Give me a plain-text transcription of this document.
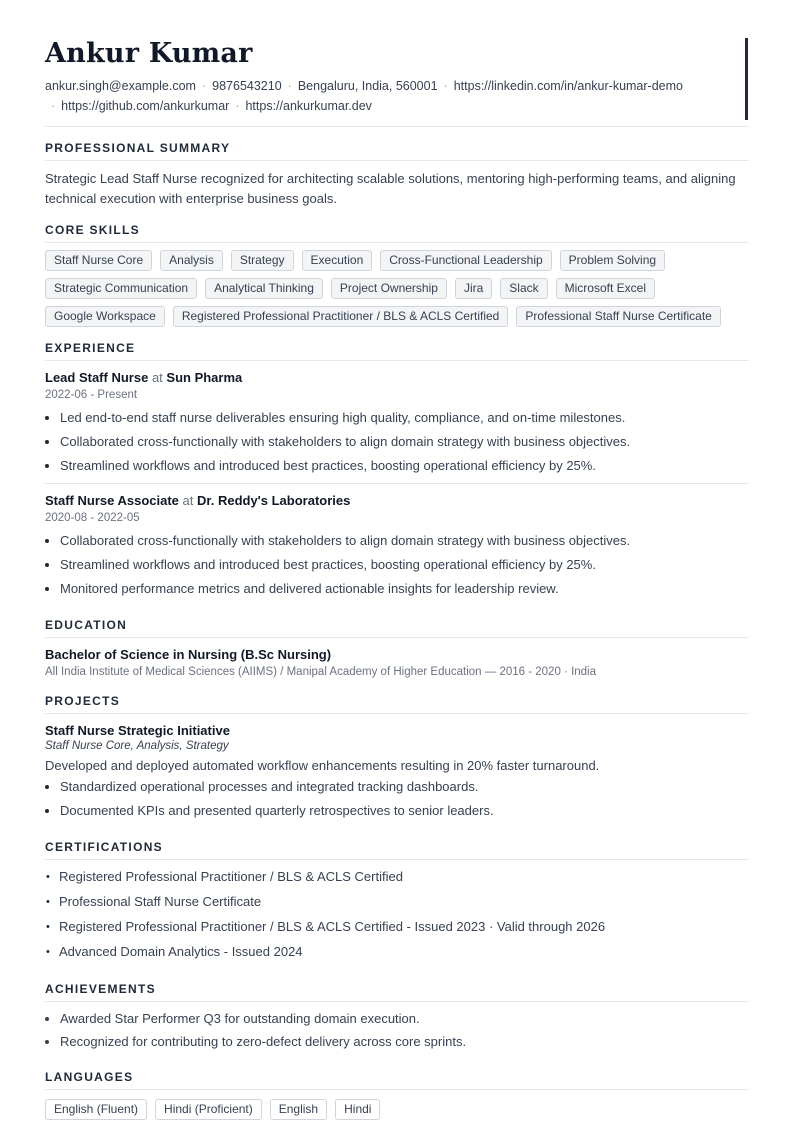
Ankur Kumar
ankur.singh@example.com · 9876543210 · Bengaluru, India, 560001 · https://linkedin.com/in/ankur-kumar-demo
· https://github.com/ankurkumar · https://ankurkumar.dev
PROFESSIONAL SUMMARY

Strategic Lead Staff Nurse recognized for architecting scalable solutions, mentoring high-performing teams, and aligning technical execution with enterprise business goals.

CORE SKILLS
Staff Nurse Core	Analysis	Strategy	Execution	Cross-Functional Leadership	Problem Solving
Strategic Communication	Analytical Thinking	Project Ownership	Jira	Slack	Microsoft Excel
Google Workspace	Registered Professional Practitioner / BLS & ACLS Certified	Professional Staff Nurse Certificate
EXPERIENCE
Lead Staff Nurse at Sun Pharma
2022-06 - Present
• Led end-to-end staff nurse deliverables ensuring high quality, compliance, and on-time milestones.
• Collaborated cross-functionally with stakeholders to align domain strategy with business objectives.
• Streamlined workflows and introduced best practices, boosting operational efficiency by 25%.
Staff Nurse Associate at Dr. Reddy's Laboratories
2020-08 - 2022-05
• Collaborated cross-functionally with stakeholders to align domain strategy with business objectives.
• Streamlined workflows and introduced best practices, boosting operational efficiency by 25%.
• Monitored performance metrics and delivered actionable insights for leadership review.
EDUCATION
Bachelor of Science in Nursing (B.Sc Nursing)
All India Institute of Medical Sciences (AIIMS) / Manipal Academy of Higher Education — 2016 - 2020 · India
PROJECTS
Staff Nurse Strategic Initiative
Staff Nurse Core, Analysis, Strategy
Developed and deployed automated workflow enhancements resulting in 20% faster turnaround.
• Standardized operational processes and integrated tracking dashboards.
• Documented KPIs and presented quarterly retrospectives to senior leaders.
CERTIFICATIONS
• Registered Professional Practitioner / BLS & ACLS Certified
• Professional Staff Nurse Certificate
• Registered Professional Practitioner / BLS & ACLS Certified - Issued 2023 · Valid through 2026
• Advanced Domain Analytics - Issued 2024
ACHIEVEMENTS
• Awarded Star Performer Q3 for outstanding domain execution.
• Recognized for contributing to zero-defect delivery across core sprints.
LANGUAGES
English (Fluent)	Hindi (Proficient)	English	Hindi
